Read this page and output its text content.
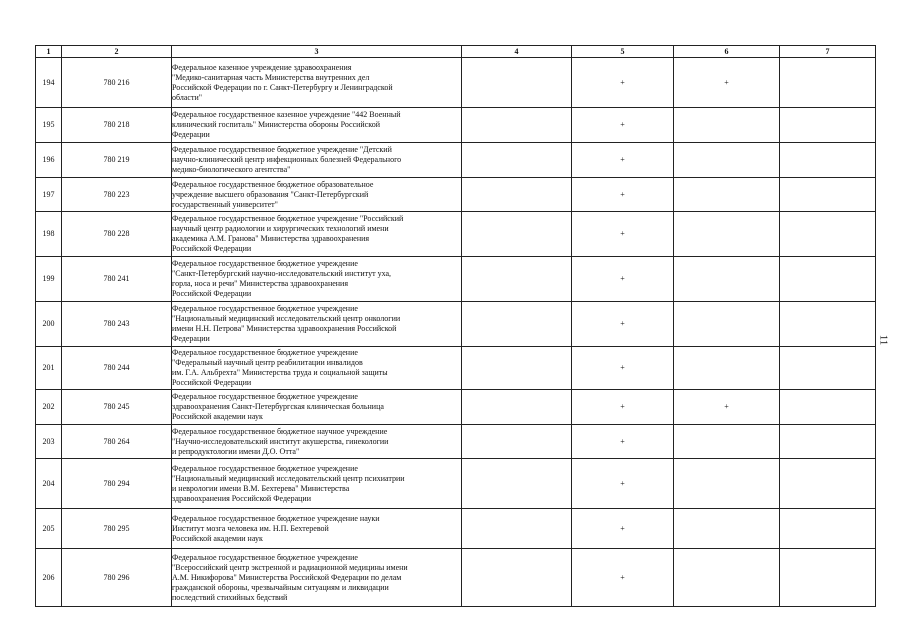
1	2	3	4	5	6	7
194	780 216	Федеральное казенное учреждение здравоохранения
"Медико-санитарная часть Министерства внутренних дел
Российской Федерации по г. Санкт-Петербургу и Ленинградской
области"		+	+	
195	780 218	Федеральное государственное казенное учреждение "442 Военный
клинический госпиталь" Министерства обороны Российской
Федерации		+		
196	780 219	Федеральное государственное бюджетное учреждение "Детский
научно-клинический центр инфекционных болезней Федерального
медико-биологического агентства"		+		
197	780 223	Федеральное государственное бюджетное образовательное
учреждение высшего образования "Санкт-Петербургский
государственный университет"		+		
198	780 228	Федеральное государственное бюджетное учреждение "Российский
научный центр радиологии и хирургических технологий имени
академика А.М. Гранова" Министерства здравоохранения
Российской Федерации		+		
199	780 241	Федеральное государственное бюджетное учреждение
"Санкт-Петербургский научно-исследовательский институт уха,
горла, носа и речи" Министерства здравоохранения
Российской Федерации		+		
200	780 243	Федеральное государственное бюджетное учреждение
"Национальный медицинский исследовательский центр онкологии
имени Н.Н. Петрова" Министерства здравоохранения Российской
Федерации		+		
201	780 244	Федеральное государственное бюджетное учреждение
"Федеральный научный центр реабилитации инвалидов
им. Г.А. Альбрехта" Министерства труда и социальной защиты
Российской Федерации		+		
202	780 245	Федеральное государственное бюджетное учреждение
здравоохранения Санкт-Петербургская клиническая больница
Российской академии наук		+	+	
203	780 264	Федеральное государственное бюджетное научное учреждение
"Научно-исследовательский институт акушерства, гинекологии
и репродуктологии имени Д.О. Отта"		+		
204	780 294	Федеральное государственное бюджетное учреждение
"Национальный медицинский исследовательский центр психиатрии
и неврологии имени В.М. Бехтерева" Министерства
здравоохранения Российской Федерации		+		
205	780 295	Федеральное государственное бюджетное учреждение науки
Институт мозга человека им. Н.П. Бехтеревой
Российской академии наук		+		
206	780 296	Федеральное государственное бюджетное учреждение
"Всероссийский центр экстренной и радиационной медицины имени
А.М. Никифорова" Министерства Российской Федерации по делам
гражданской обороны, чрезвычайным ситуациям и ликвидации
последствий стихийных бедствий		+		
11
